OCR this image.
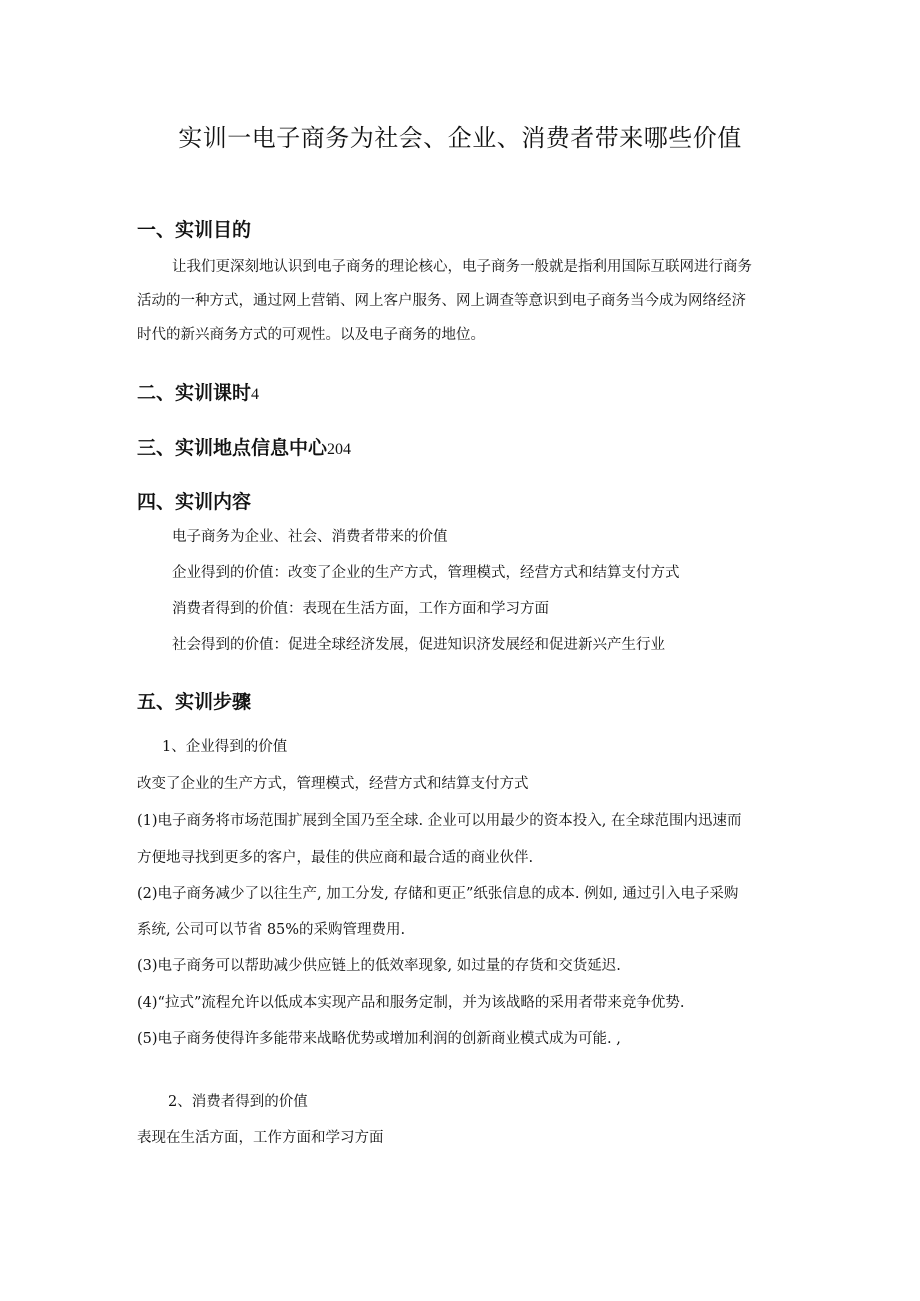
实训一电子商务为社会、企业、消费者带来哪些价值
一、实训目的
让我们更深刻地认识到电子商务的理论核心，电子商务一般就是指利用国际互联网进行商务
活动的一种方式，通过网上营销、网上客户服务、网上调查等意识到电子商务当今成为网络经济
时代的新兴商务方式的可观性。以及电子商务的地位。
二、实训课时4
三、实训地点信息中心204
四、实训内容
电子商务为企业、社会、消费者带来的价值
企业得到的价值：改变了企业的生产方式，管理模式，经营方式和结算支付方式
消费者得到的价值：表现在生活方面，工作方面和学习方面
社会得到的价值：促进全球经济发展，促进知识济发展经和促进新兴产生行业
五、实训步骤
1、企业得到的价值
改变了企业的生产方式，管理模式，经营方式和结算支付方式
(1)电子商务将市场范围扩展到全国乃至全球. 企业可以用最少的资本投入, 在全球范围内迅速而
方便地寻找到更多的客户，最佳的供应商和最合适的商业伙伴.
(2)电子商务减少了以往生产, 加工分发, 存储和更正”纸张信息的成本. 例如, 通过引入电子采购
系统, 公司可以节省 85%的采购管理费用.
(3)电子商务可以帮助减少供应链上的低效率现象, 如过量的存货和交货延迟.
(4)“拉式”流程允许以低成本实现产品和服务定制，并为该战略的采用者带来竞争优势.
(5)电子商务使得许多能带来战略优势或增加利润的创新商业模式成为可能. ,
2、消费者得到的价值
表现在生活方面，工作方面和学习方面
